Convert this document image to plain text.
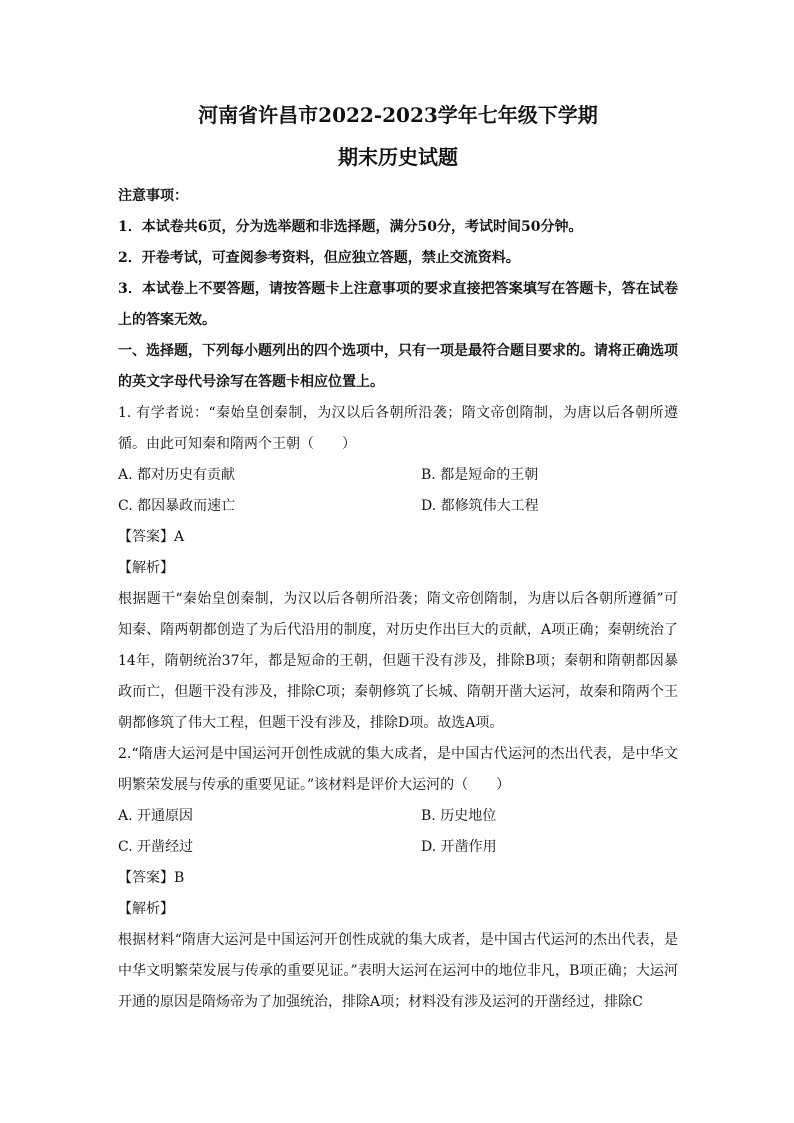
河南省许昌市2022-2023学年七年级下学期

期末历史试题

注意事项：

1．本试卷共6页，分为选举题和非选择题，满分50分，考试时间50分钟。

2．开卷考试，可查阅参考资料，但应独立答题，禁止交流资料。

3．本试卷上不要答题，请按答题卡上注意事项的要求直接把答案填写在答题卡，答在试卷上的答案无效。

一、选择题，下列每小题列出的四个选项中，只有一项是最符合题目要求的。请将正确选项的英文字母代号涂写在答题卡相应位置上。

1. 有学者说：“秦始皇创秦制，为汉以后各朝所沿袭；隋文帝创隋制，为唐以后各朝所遵循。由此可知秦和隋两个王朝（　　）

A. 都对历史有贡献	B. 都是短命的王朝
C. 都因暴政而速亡	D. 都修筑伟大工程

【答案】A

【解析】

根据题干“秦始皇创秦制，为汉以后各朝所沿袭；隋文帝创隋制，为唐以后各朝所遵循”可知秦、隋两朝都创造了为后代沿用的制度，对历史作出巨大的贡献，A项正确；秦朝统治了14年，隋朝统治37年，都是短命的王朝，但题干没有涉及，排除B项；秦朝和隋朝都因暴政而亡，但题干没有涉及，排除C项；秦朝修筑了长城、隋朝开凿大运河，故秦和隋两个王朝都修筑了伟大工程，但题干没有涉及，排除D项。故选A项。

2.“隋唐大运河是中国运河开创性成就的集大成者，是中国古代运河的杰出代表，是中华文明繁荣发展与传承的重要见证。”该材料是评价大运河的（　　）

A. 开通原因	B. 历史地位
C. 开凿经过	D. 开凿作用

【答案】B

【解析】

根据材料“隋唐大运河是中国运河开创性成就的集大成者，是中国古代运河的杰出代表，是中华文明繁荣发展与传承的重要见证。”表明大运河在运河中的地位非凡，B项正确；大运河开通的原因是隋炀帝为了加强统治，排除A项；材料没有涉及运河的开凿经过，排除C
